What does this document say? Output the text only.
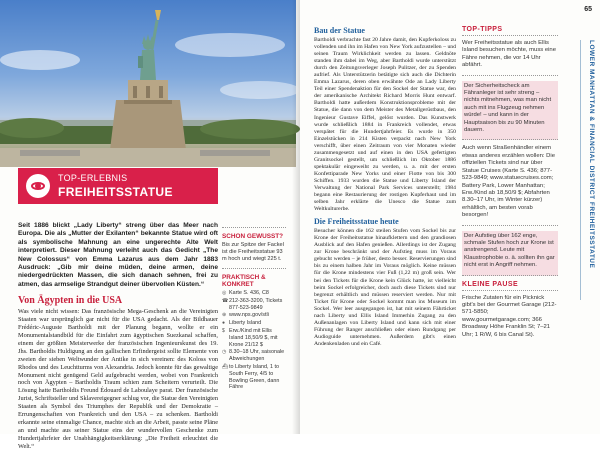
TOP-ERLEBNIS
FREIHEITSSTATUE

Seit 1886 blickt „Lady Liberty“ streng über das Meer nach Europa. Die als „Mutter der Exilanten“ bekannte Statue wird oft als symbolische Mahnung an eine ungerechte Alte Welt interpretiert. Dieser Mahnung verleiht auch das Gedicht „The New Colossus“ von Emma Lazarus aus dem Jahr 1883 Ausdruck: „Gib mir deine müden, deine armen, deine niedergedrückten Massen, die sich danach sehnen, frei zu atmen, das armselige Strandgut deiner übervollen Küsten.“

Von Ägypten in die USA

Was viele nicht wissen: Das französische Mega-Geschenk an die Vereinigten Staaten war ursprünglich gar nicht für die USA gedacht. Als der Bildhauer Frédéric-Auguste Bartholdi mit der Planung begann, wollte er ein Monumentalstandbild für die Einfahrt zum ägyptischen Suezkanal schaffen, einem der größten Meisterwerke der französischen Ingenieurskunst des 19. Jhs. Bartholdis Huldigung an den gallischen Erfindergeist sollte Elemente von zweien der sieben Weltwunder der Antike in sich vereinen: des Koloss von Rhodos und des Leuchtturms von Alexandria. Jedoch konnte für das gewaltige Monument nicht genügend Geld aufgebracht werden, wobei von Frankreich noch von Ägypten – Bartholdis Traum schien zum Scheitern verurteilt. Die Lösung hatte Bartholdis Freund Édouard de Laboulaye parat. Der französische Jurist, Schriftsteller und Sklavereigegner schlug vor, die Statue den Vereinigten Staaten als Symbol des Triumphes der Republik und der Demokratie – Errungenschaften von Frankreich und den USA – zu schenken. Bartholdi erkannte seine einmalige Chance, machte sich an die Arbeit, passte seine Pläne an und machte aus seiner Statue eins der wundervollen Geschenke zum Hundertjahrfeier der Unabhängigkeitserklärung: „Die Freiheit erleuchtet die Welt.“

SCHON GEWUSST?
Bis zur Spitze der Fackel ist die Freiheitsstatue 93 m hoch und wiegt 225 t.
PRAKTISCH & KONKRET
◎ Karte S. 436, C8
☎ 212-363-3200, Tickets 877-523-9849
⊕ www.nps.gov/stli
● Liberty Island
$ Erw./Kind mit Ellis Island 18,50/9 $, mit Krone 21/12 $
◷ 8.30–18 Uhr, saisonale Abweichungen
⛴ to Liberty Island, 1 to South Ferry, 4/5 to Bowling Green, dann Fähre
65
Bau der Statue

Bartholdi verbrachte fast 20 Jahre damit, den Kupferkoloss zu vollenden und ihn im Hafen von New York aufzustellen – und seinen Traum Wirklichkeit werden zu lassen. Geldnöte standen ihm dabei im Weg, aber Bartholdi wurde unterstützt durch den Zeitungsverleger Joseph Pulitzer, der zu Spenden aufrief. Als Unterstützerin betätigte sich auch die Dichterin Emma Lazarus, deren oben erwähnte Ode an Lady Liberty Teil einer Spendenaktion für den Sockel der Statue war, den der amerikanische Architekt Richard Morris Hunt entwarf. Bartholdi hatte außerdem Konstruktionsprobleme mit der Statue, die dann von dem Meister des Metallgerüstbaus, den Ingenieur Gustave Eiffel, gelöst wurden. Das Kunstwerk wurde schließlich 1884 in Frankreich vollendet, etwas verspätet für die Hundertjahrfeier. Es wurde in 350 Einzelstücken in 214 Kisten verpackt nach New York verschifft, über einen Zeitraum von vier Monaten wieder zusammengesetzt und auf einen in den USA gefertigten Granitsockel gestellt, um schließlich im Oktober 1886 spektakulär eingeweiht zu werden, u. a. mit der ersten Konfettiparade New Yorks und einer Flotte von bis 300 Schiffen. 1933 wurden die Statue und Liberty Island der Verwaltung der National Park Services unterstellt; 1984 begann eine Restaurierung der rostigen Kupferhaut und im selben Jahr erklärte die Unesco die Statue zum Weltkulturerbe.

Die Freiheitsstatue heute

Besucher können die 162 steilen Stufen vom Sockel bis zur Krone der Freiheitsstatue hinaufklettern und den grandiosen Ausblick auf den Hafen genießen. Allerdings ist der Zugang zur Krone beschränkt und der Aufstieg muss im Voraus gebucht werden – je früher, desto besser. Reservierungen sind bis zu einem halben Jahr im Voraus möglich. Keine müssen für die Krone mindestens vier Fuß (1,22 m) groß sein. Wer bei den Tickets für die Krone kein Glück hatte, ist vielleicht beim Sockel erfolgreicher, doch auch diese Tickets sind nur begrenzt erhältlich und müssen reserviert werden. Nur mit Ticket für Krone oder Sockel kommt man ins Museum im Sockel. Wer leer ausgegangen ist, hat mit seinem Fährticket nach Liberty und Ellis Island Immerhin Zugang zu den Außenanlagen von Liberty Island und kann sich mit einer Führung der Ranger anschließen oder einen Rundgang per Audioguide unternehmen. Außerdem gibt's einen Andenkenladen und ein Café.

TOP-TIPPS
Wer Freiheitsstatue als auch Ellis Island besuchen möchte, muss eine Fähre nehmen, die vor 14 Uhr abfährt.
Der Sicherheitscheck am Fähranleger ist sehr streng – nichts mitnehmen, was man nicht auch mit ins Flugzeug nehmen würde! – und kann in der Hauptsaison bis zu 90 Minuten dauern.
Auch wenn Straßenhändler einem etwas anderes erzählen wollen: Die offiziellen Tickets sind nur über Statue Cruises (Karte S. 436; 877-523-9849; www.statuecruises.com; Battery Park, Lower Manhattan; Erw./Kind ab 18,50/9 $; Abfahrten 8.30–17 Uhr, im Winter kürzer) erhältlich, am besten vorab besorgen!
Der Aufstieg über 162 enge, schmale Stufen hoch zur Krone ist anstrengend. Leute mit Klaustrophobie o. ä. sollten ihn gar nicht erst in Angriff nehmen.
KLEINE PAUSE
Frische Zutaten für ein Picknick gibt's bei der Gourmet Garage (212-571-5850; www.gourmetgarage.com; 366 Broadway Höhe Franklin St; 7–21 Uhr; 1 R/W, 6 bis Canal St).
LOWER MANHATTAN & FINANCIAL DISTRICT FREIHEITSSTATUE
